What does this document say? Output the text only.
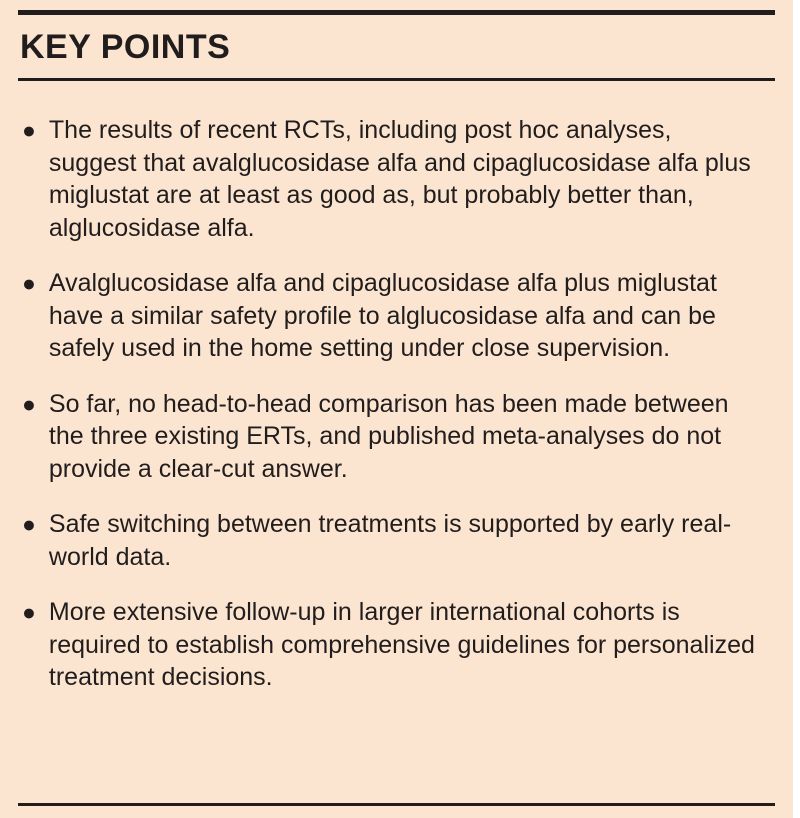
KEY POINTS
● The results of recent RCTs, including post hoc analyses, suggest that avalglucosidase alfa and cipaglucosidase alfa plus miglustat are at least as good as, but probably better than, alglucosidase alfa.
● Avalglucosidase alfa and cipaglucosidase alfa plus miglustat have a similar safety profile to alglucosidase alfa and can be safely used in the home setting under close supervision.
● So far, no head-to-head comparison has been made between the three existing ERTs, and published meta-analyses do not provide a clear-cut answer.
● Safe switching between treatments is supported by early real-world data.
● More extensive follow-up in larger international cohorts is required to establish comprehensive guidelines for personalized treatment decisions.
